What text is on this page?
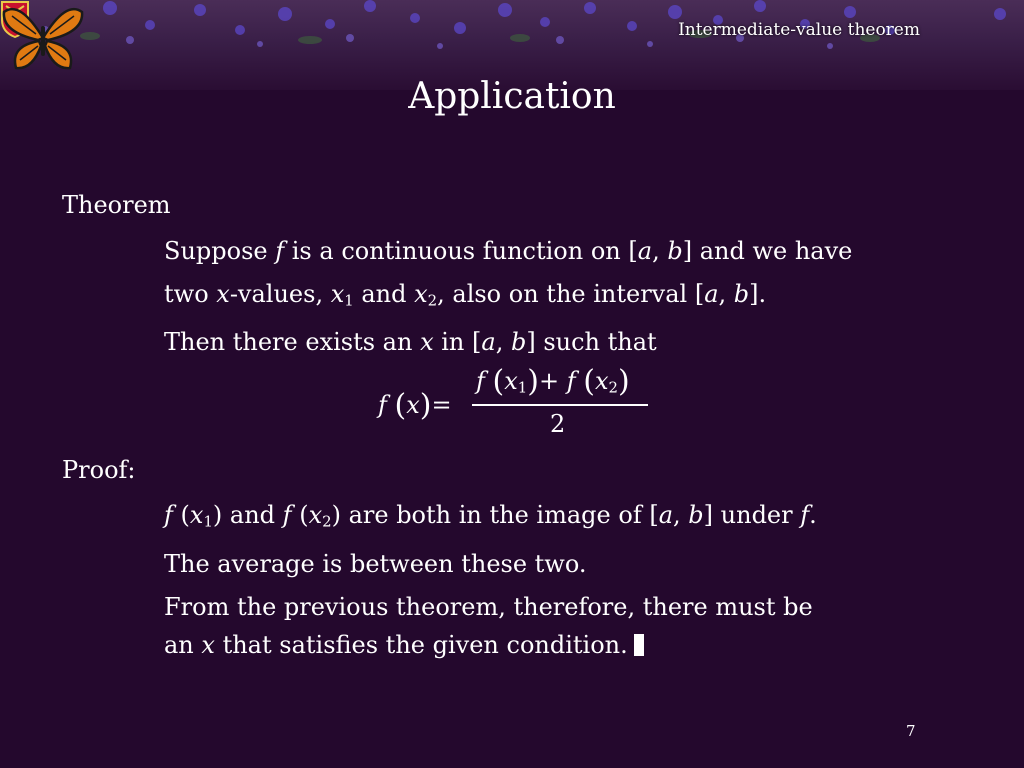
Intermediate-value theorem
Application
Theorem
Suppose f is a continuous function on [a, b] and we have
two x-values, $x_1$ and $x_2$, also on the interval [a, b].
Then there exists an x in [a, b] such that
f (x)=
f $(x_1)+ f$ $(x_2)$
2
Proof:
f $(x_1)$ and f $(x_2)$ are both in the image of [a, b] under f.
The average is between these two.
From the previous theorem, therefore, there must be
an x that satisfies the given condition.
7
